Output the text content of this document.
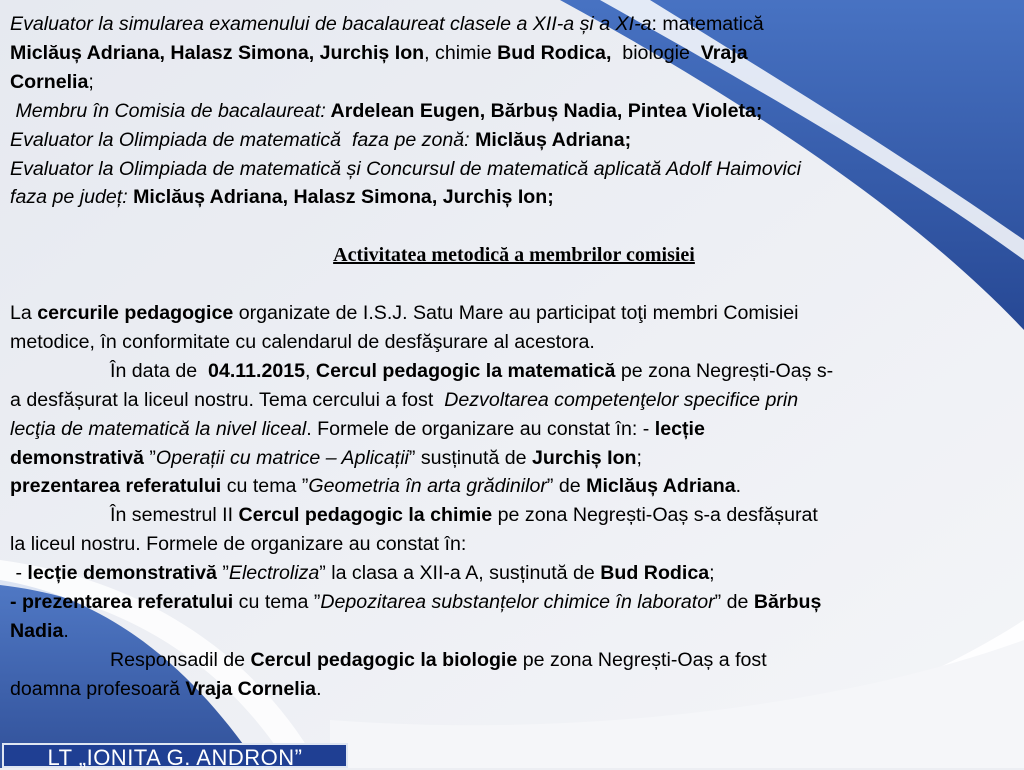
Evaluator la simularea examenului de bacalaureat clasele a XII-a și a XI-a: matematică

Miclăuș Adriana, Halasz Simona, Jurchiș Ion, chimie Bud Rodica,  biologie  Vraja

Cornelia;

Membru în Comisia de bacalaureat: Ardelean Eugen, Bărbuș Nadia, Pintea Violeta;

Evaluator la Olimpiada de matematică  faza pe zonă: Miclăuș Adriana;

Evaluator la Olimpiada de matematică și Concursul de matematică aplicată Adolf Haimovici

faza pe județ: Miclăuș Adriana, Halasz Simona, Jurchiș Ion;

Activitatea metodică a membrilor comisiei

La cercurile pedagogice organizate de I.S.J. Satu Mare au participat toţi membri Comisiei
metodice, în conformitate cu calendarul de desfăşurare al acestora.

În data de  04.11.2015, Cercul pedagogic la matematică pe zona Negrești-Oaș s-

a desfășurat la liceul nostru. Tema cercului a fost  Dezvoltarea competenţelor specifice prin

lecţia de matematică la nivel liceal. Formele de organizare au constat în: - lecție

demonstrativă ”Operații cu matrice – Aplicații” susținută de Jurchiș Ion;

prezentarea referatului cu tema ”Geometria în arta grădinilor” de Miclăuș Adriana.

În semestrul II Cercul pedagogic la chimie pe zona Negrești-Oaș s-a desfășurat

la liceul nostru. Formele de organizare au constat în:

- lecție demonstrativă ”Electroliza” la clasa a XII-a A, susținută de Bud Rodica;

- prezentarea referatului cu tema ”Depozitarea substanțelor chimice în laborator” de Bărbuș

Nadia.

Responsadil de Cercul pedagogic la biologie pe zona Negrești-Oaș a fost

doamna profesoară Vraja Cornelia.

LT „IONITA G. ANDRON”
